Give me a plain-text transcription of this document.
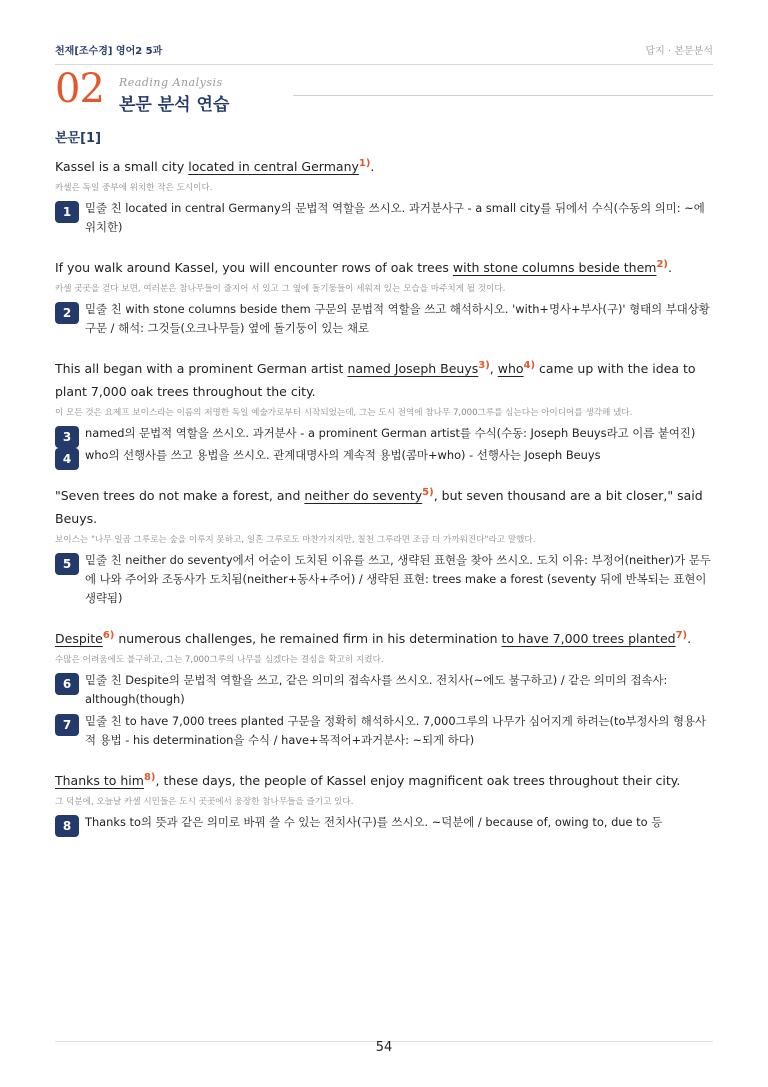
천재[조수경] 영어2 5과	답지 · 본문분석
02 Reading Analysis
본문 분석 연습
본문[1]
Kassel is a small city located in central Germany$^{1)}$.
카셀은 독일 중부에 위치한 작은 도시이다.
1	밑줄 친 located in central Germany의 문법적 역할을 쓰시오. 과거분사구 - a small city를 뒤에서 수식(수동의 의미: ~에 위치한)
If you walk around Kassel, you will encounter rows of oak trees with stone columns beside them$^{2)}$.
카셀 곳곳을 걷다 보면, 여러분은 참나무들이 줄지어 서 있고 그 옆에 돌기둥들이 세워져 있는 모습을 마주치게 될 것이다.
2	밑줄 친 with stone columns beside them 구문의 문법적 역할을 쓰고 해석하시오. 'with+명사+부사(구)' 형태의 부대상황 구문 / 해석: 그것들(오크나무들) 옆에 돌기둥이 있는 채로
This all began with a prominent German artist named Joseph Beuys$^{3)}$, who$^{4)}$ came up with the idea to plant 7,000 oak trees throughout the city.
이 모든 것은 요제프 보이스라는 이름의 저명한 독일 예술가로부터 시작되었는데, 그는 도시 전역에 참나무 7,000그루를 심는다는 아이디어를 생각해 냈다.
3	named의 문법적 역할을 쓰시오. 과거분사 - a prominent German artist를 수식(수동: Joseph Beuys라고 이름 붙여진)
4	who의 선행사를 쓰고 용법을 쓰시오. 관계대명사의 계속적 용법(콤마+who) - 선행사는 Joseph Beuys
"Seven trees do not make a forest, and neither do seventy$^{5)}$, but seven thousand are a bit closer," said Beuys.
보이스는 "나무 일곱 그루로는 숲을 이루지 못하고, 일흔 그루로도 마찬가지지만, 칠천 그루라면 조금 더 가까워진다"라고 말했다.
5	밑줄 친 neither do seventy에서 어순이 도치된 이유를 쓰고, 생략된 표현을 찾아 쓰시오. 도치 이유: 부정어(neither)가 문두에 나와 주어와 조동사가 도치됨(neither+동사+주어) / 생략된 표현: trees make a forest (seventy 뒤에 반복되는 표현이 생략됨)
Despite$^{6)}$ numerous challenges, he remained firm in his determination to have 7,000 trees planted$^{7)}$.
수많은 어려움에도 불구하고, 그는 7,000그루의 나무를 심겠다는 결심을 확고히 지켰다.
6	밑줄 친 Despite의 문법적 역할을 쓰고, 같은 의미의 접속사를 쓰시오. 전치사(~에도 불구하고) / 같은 의미의 접속사: although(though)
7	밑줄 친 to have 7,000 trees planted 구문을 정확히 해석하시오. 7,000그루의 나무가 심어지게 하려는(to부정사의 형용사적 용법 - his determination을 수식 / have+목적어+과거분사: ~되게 하다)
Thanks to him$^{8)}$, these days, the people of Kassel enjoy magnificent oak trees throughout their city.
그 덕분에, 오늘날 카셀 시민들은 도시 곳곳에서 웅장한 참나무들을 즐기고 있다.
8	Thanks to의 뜻과 같은 의미로 바꿔 쓸 수 있는 전치사(구)를 쓰시오. ~덕분에 / because of, owing to, due to 등
54
